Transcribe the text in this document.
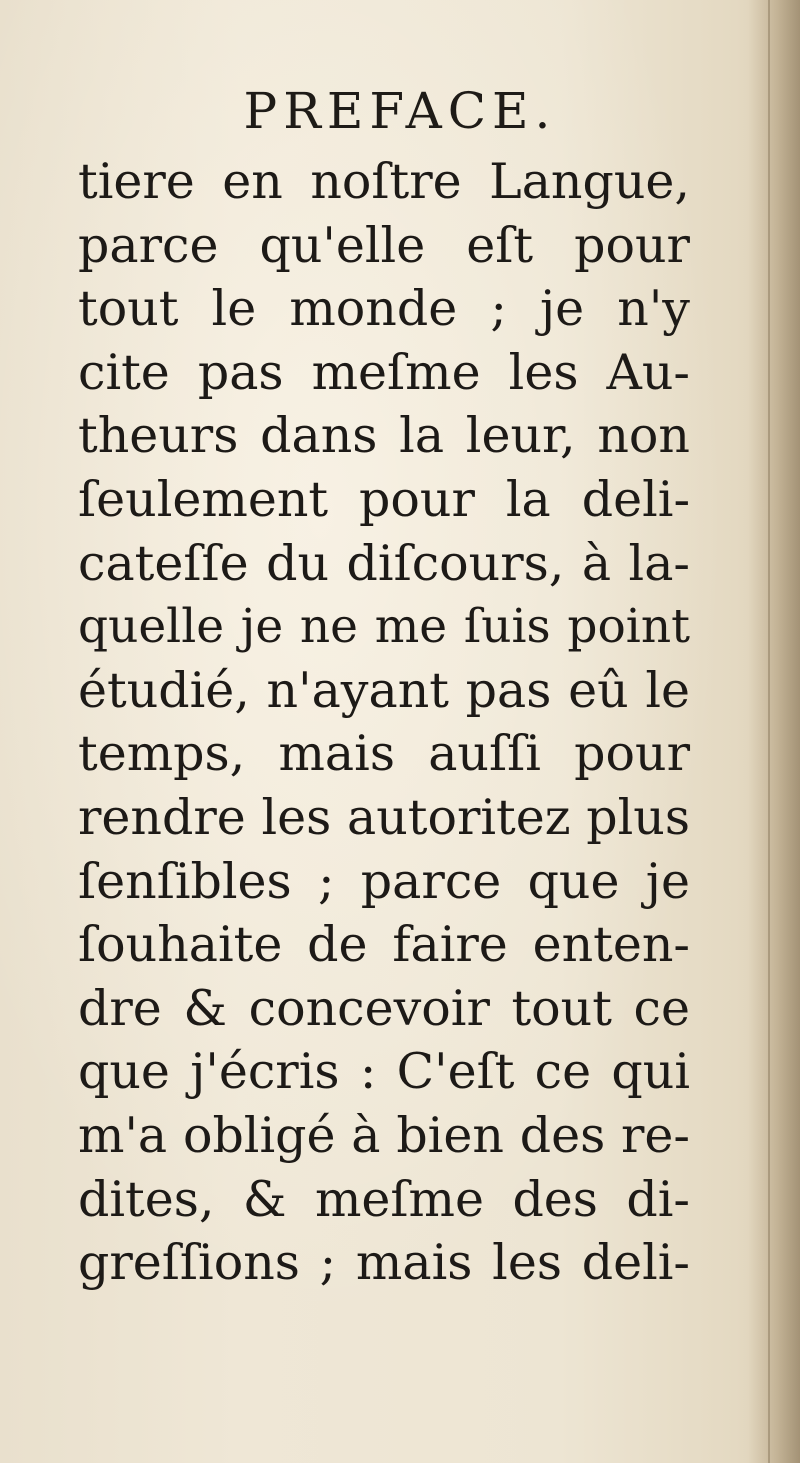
PREFACE.
tiere en noſtre Langue,
parce qu'elle eſt pour
tout le monde ; je n'y
cite pas meſme les Au-
theurs dans la leur, non
ſeulement pour la deli-
cateſſe du diſcours, à la-
quelle je ne me ſuis point
étudié, n'ayant pas eû le
temps, mais auſſi pour
rendre les autoritez plus
ſenſibles ; parce que je
ſouhaite de faire enten-
dre & concevoir tout ce
que j'écris : C'eſt ce qui
m'a obligé à bien des re-
dites, & meſme des di-
greſſions ; mais les deli-
